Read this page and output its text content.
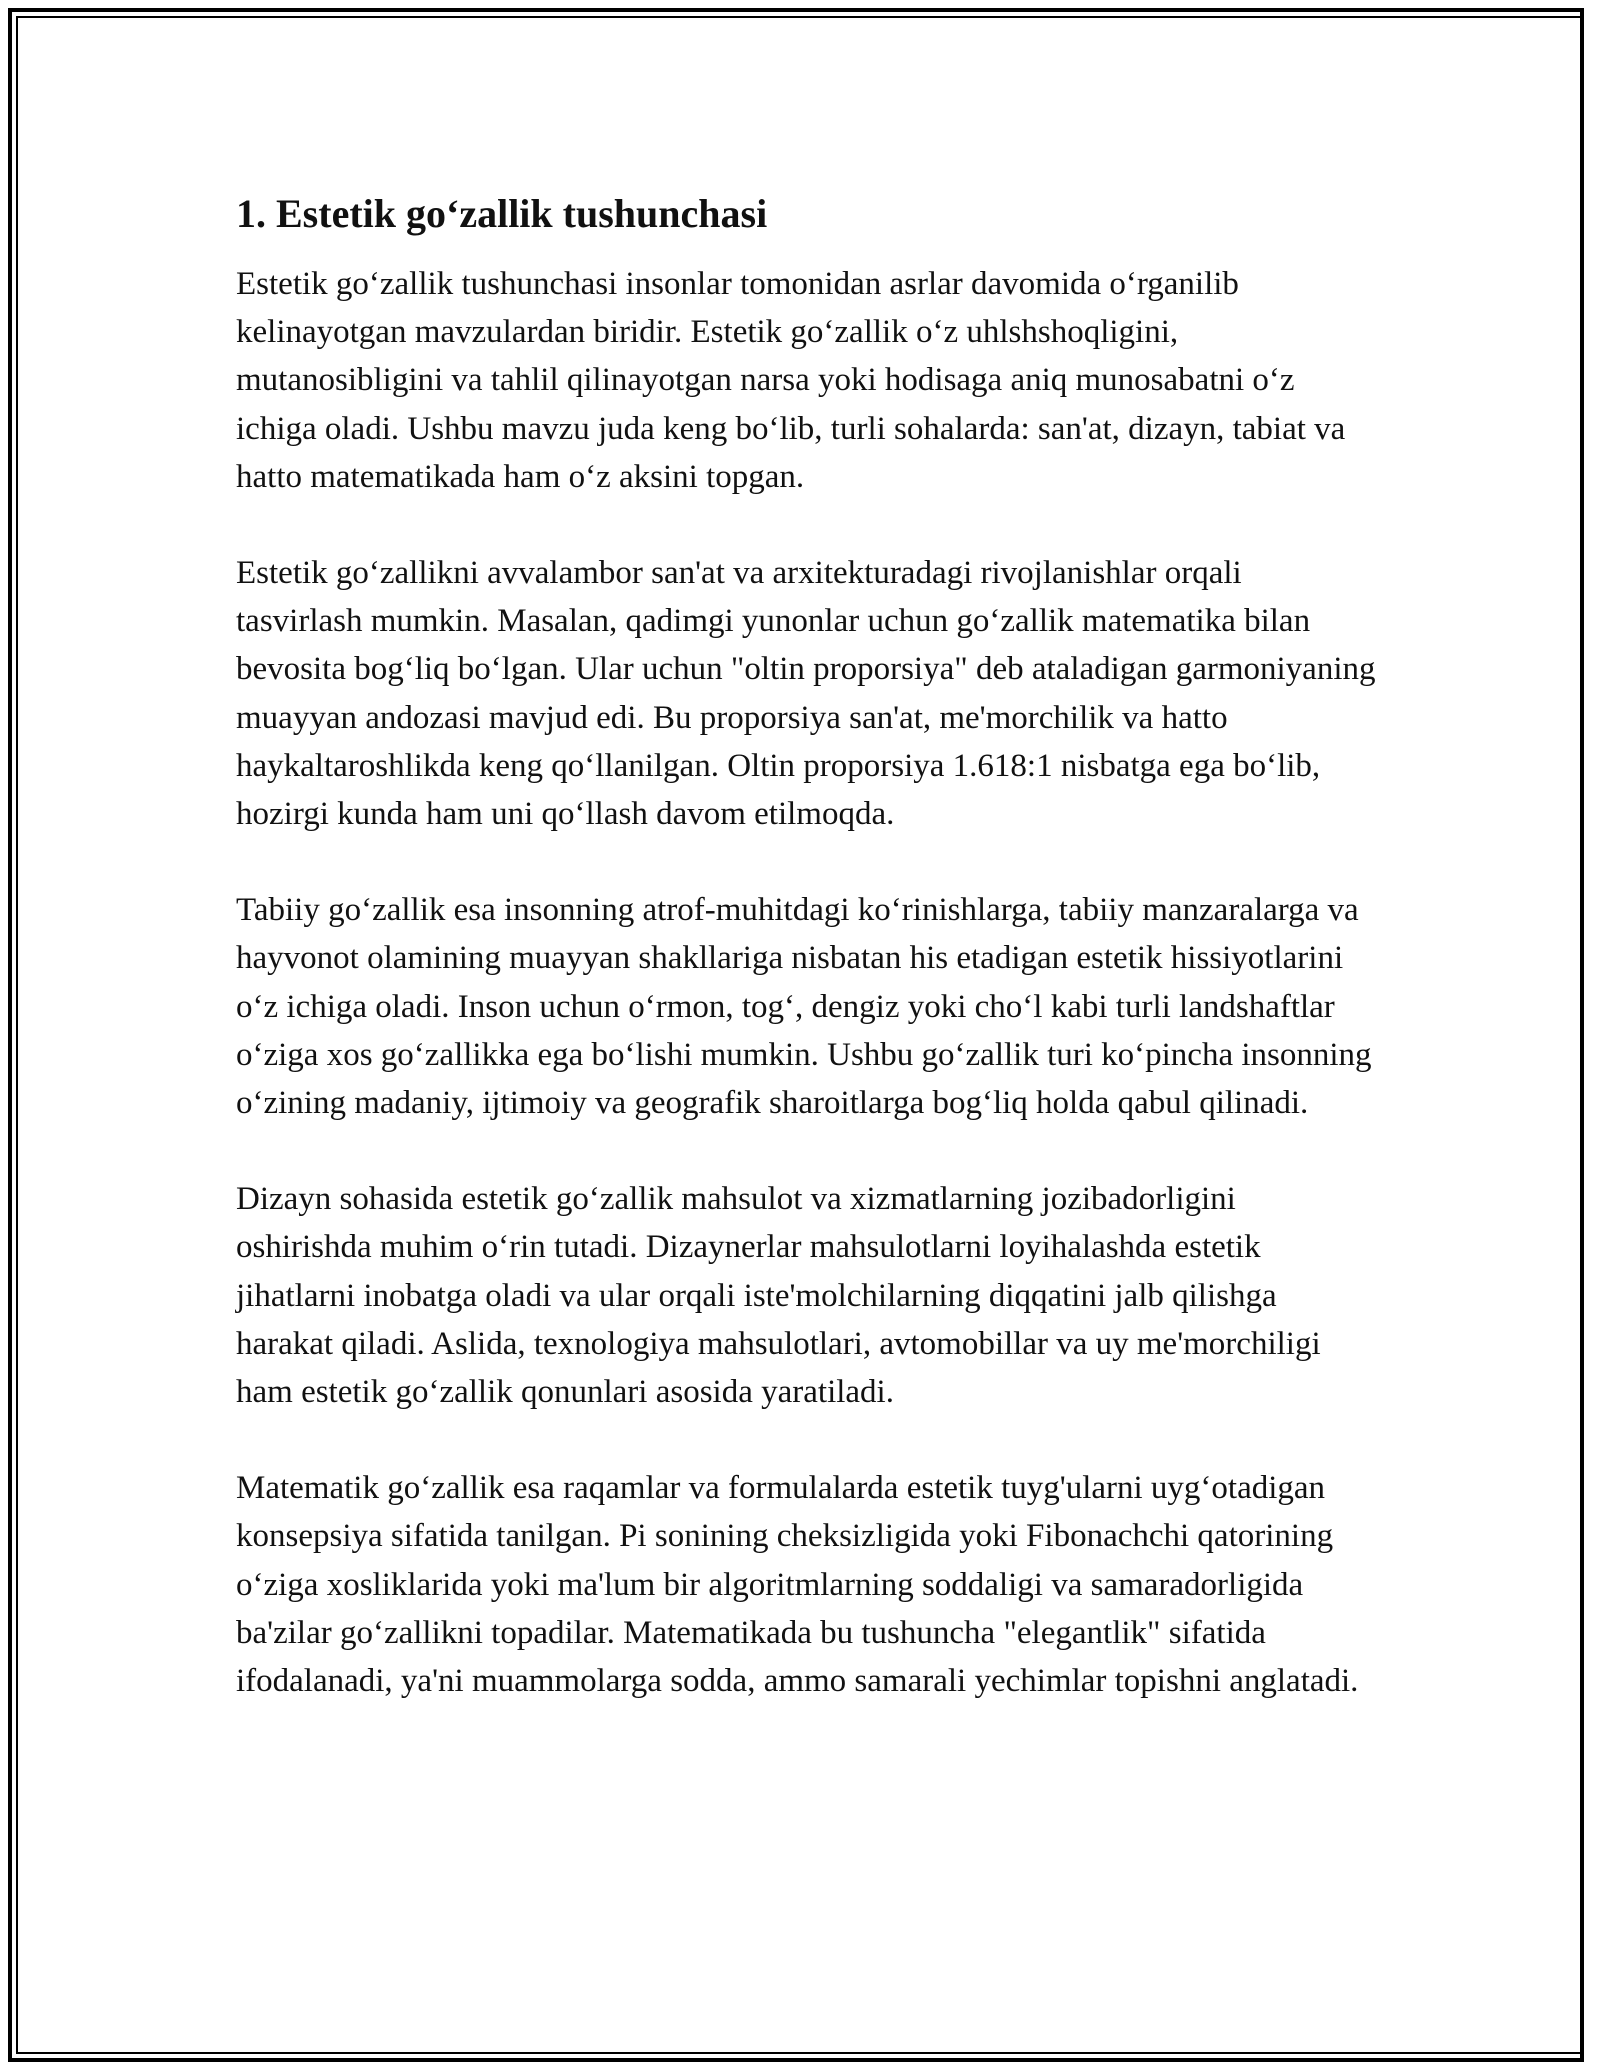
1. Estetik go‘zallik tushunchasi

Estetik go‘zallik tushunchasi insonlar tomonidan asrlar davomida o‘rganilib kelinayotgan mavzulardan biridir. Estetik go‘zallik o‘z uhlshshoqligini, mutanosibligini va tahlil qilinayotgan narsa yoki hodisaga aniq munosabatni o‘z ichiga oladi. Ushbu mavzu juda keng bo‘lib, turli sohalarda: san'at, dizayn, tabiat va hatto matematikada ham o‘z aksini topgan.

Estetik go‘zallikni avvalambor san'at va arxitekturadagi rivojlanishlar orqali tasvirlash mumkin. Masalan, qadimgi yunonlar uchun go‘zallik matematika bilan bevosita bog‘liq bo‘lgan. Ular uchun "oltin proporsiya" deb ataladigan garmoniyaning muayyan andozasi mavjud edi. Bu proporsiya san'at, me'morchilik va hatto haykaltaroshlikda keng qo‘llanilgan. Oltin proporsiya 1.618:1 nisbatga ega bo‘lib, hozirgi kunda ham uni qo‘llash davom etilmoqda.

Tabiiy go‘zallik esa insonning atrof-muhitdagi ko‘rinishlarga, tabiiy manzaralarga va hayvonot olamining muayyan shakllariga nisbatan his etadigan estetik hissiyotlarini o‘z ichiga oladi. Inson uchun o‘rmon, tog‘, dengiz yoki cho‘l kabi turli landshaftlar o‘ziga xos go‘zallikka ega bo‘lishi mumkin. Ushbu go‘zallik turi ko‘pincha insonning o‘zining madaniy, ijtimoiy va geografik sharoitlarga bog‘liq holda qabul qilinadi.

Dizayn sohasida estetik go‘zallik mahsulot va xizmatlarning jozibadorligini oshirishda muhim o‘rin tutadi. Dizaynerlar mahsulotlarni loyihalashda estetik jihatlarni inobatga oladi va ular orqali iste'molchilarning diqqatini jalb qilishga harakat qiladi. Aslida, texnologiya mahsulotlari, avtomobillar va uy me'morchiligi ham estetik go‘zallik qonunlari asosida yaratiladi.

Matematik go‘zallik esa raqamlar va formulalarda estetik tuyg'ularni uyg‘otadigan konsepsiya sifatida tanilgan. Pi sonining cheksizligida yoki Fibonachchi qatorining o‘ziga xosliklarida yoki ma'lum bir algoritmlarning soddaligi va samaradorligida ba'zilar go‘zallikni topadilar. Matematikada bu tushuncha "elegantlik" sifatida ifodalanadi, ya'ni muammolarga sodda, ammo samarali yechimlar topishni anglatadi.
